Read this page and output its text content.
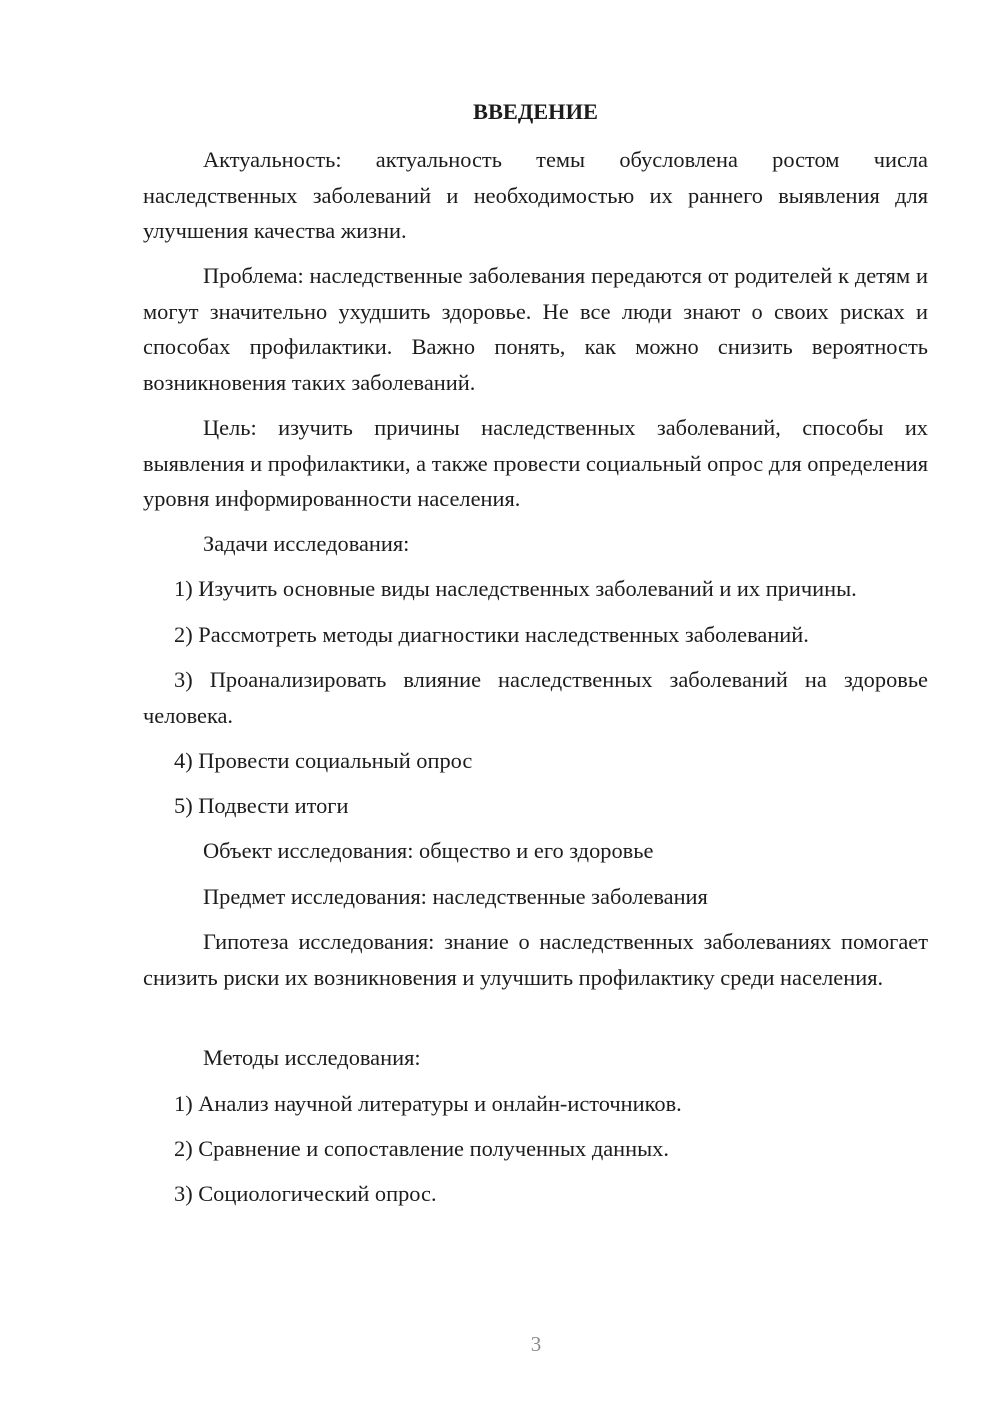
ВВЕДЕНИЕ
Актуальность: актуальность темы обусловлена ростом числа наследственных заболеваний и необходимостью их раннего выявления для улучшения качества жизни.
Проблема: наследственные заболевания передаются от родителей к детям и могут значительно ухудшить здоровье. Не все люди знают о своих рисках и способах профилактики. Важно понять, как можно снизить вероятность возникновения таких заболеваний.
Цель: изучить причины наследственных заболеваний, способы их выявления и профилактики, а также провести социальный опрос для определения уровня информированности населения.
Задачи исследования:
1) Изучить основные виды наследственных заболеваний и их причины.
2) Рассмотреть методы диагностики наследственных заболеваний.
3) Проанализировать влияние наследственных заболеваний на здоровье человека.
4) Провести социальный опрос
5) Подвести итоги
Объект исследования: общество и его здоровье
Предмет исследования: наследственные заболевания
Гипотеза исследования: знание о наследственных заболеваниях помогает снизить риски их возникновения и улучшить профилактику среди населения.
Методы исследования:
1) Анализ научной литературы и онлайн-источников.
2) Сравнение и сопоставление полученных данных.
3) Социологический опрос.
3
